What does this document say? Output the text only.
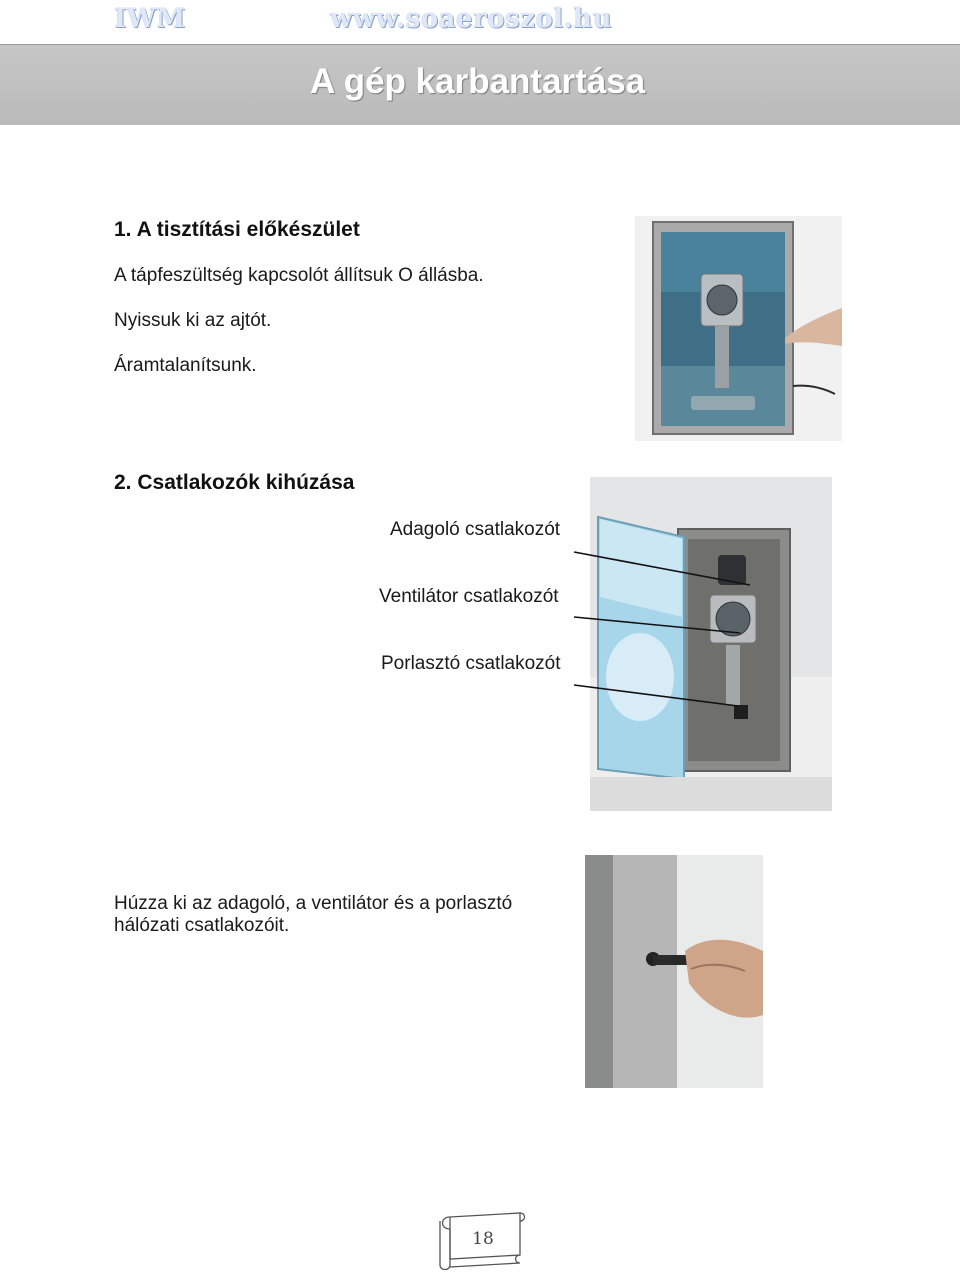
IWM	www.soaeroszol.hu
A gép karbantartása
1. A tisztítási előkészület
A tápfeszültség kapcsolót állítsuk O állásba.
Nyissuk ki az ajtót.
Áramtalanítsunk.
2. Csatlakozók kihúzása
Adagoló csatlakozót
Ventilátor csatlakozót
Porlasztó csatlakozót
Húzza ki az adagoló, a ventilátor és a porlasztó
hálózati csatlakozóit.
18
